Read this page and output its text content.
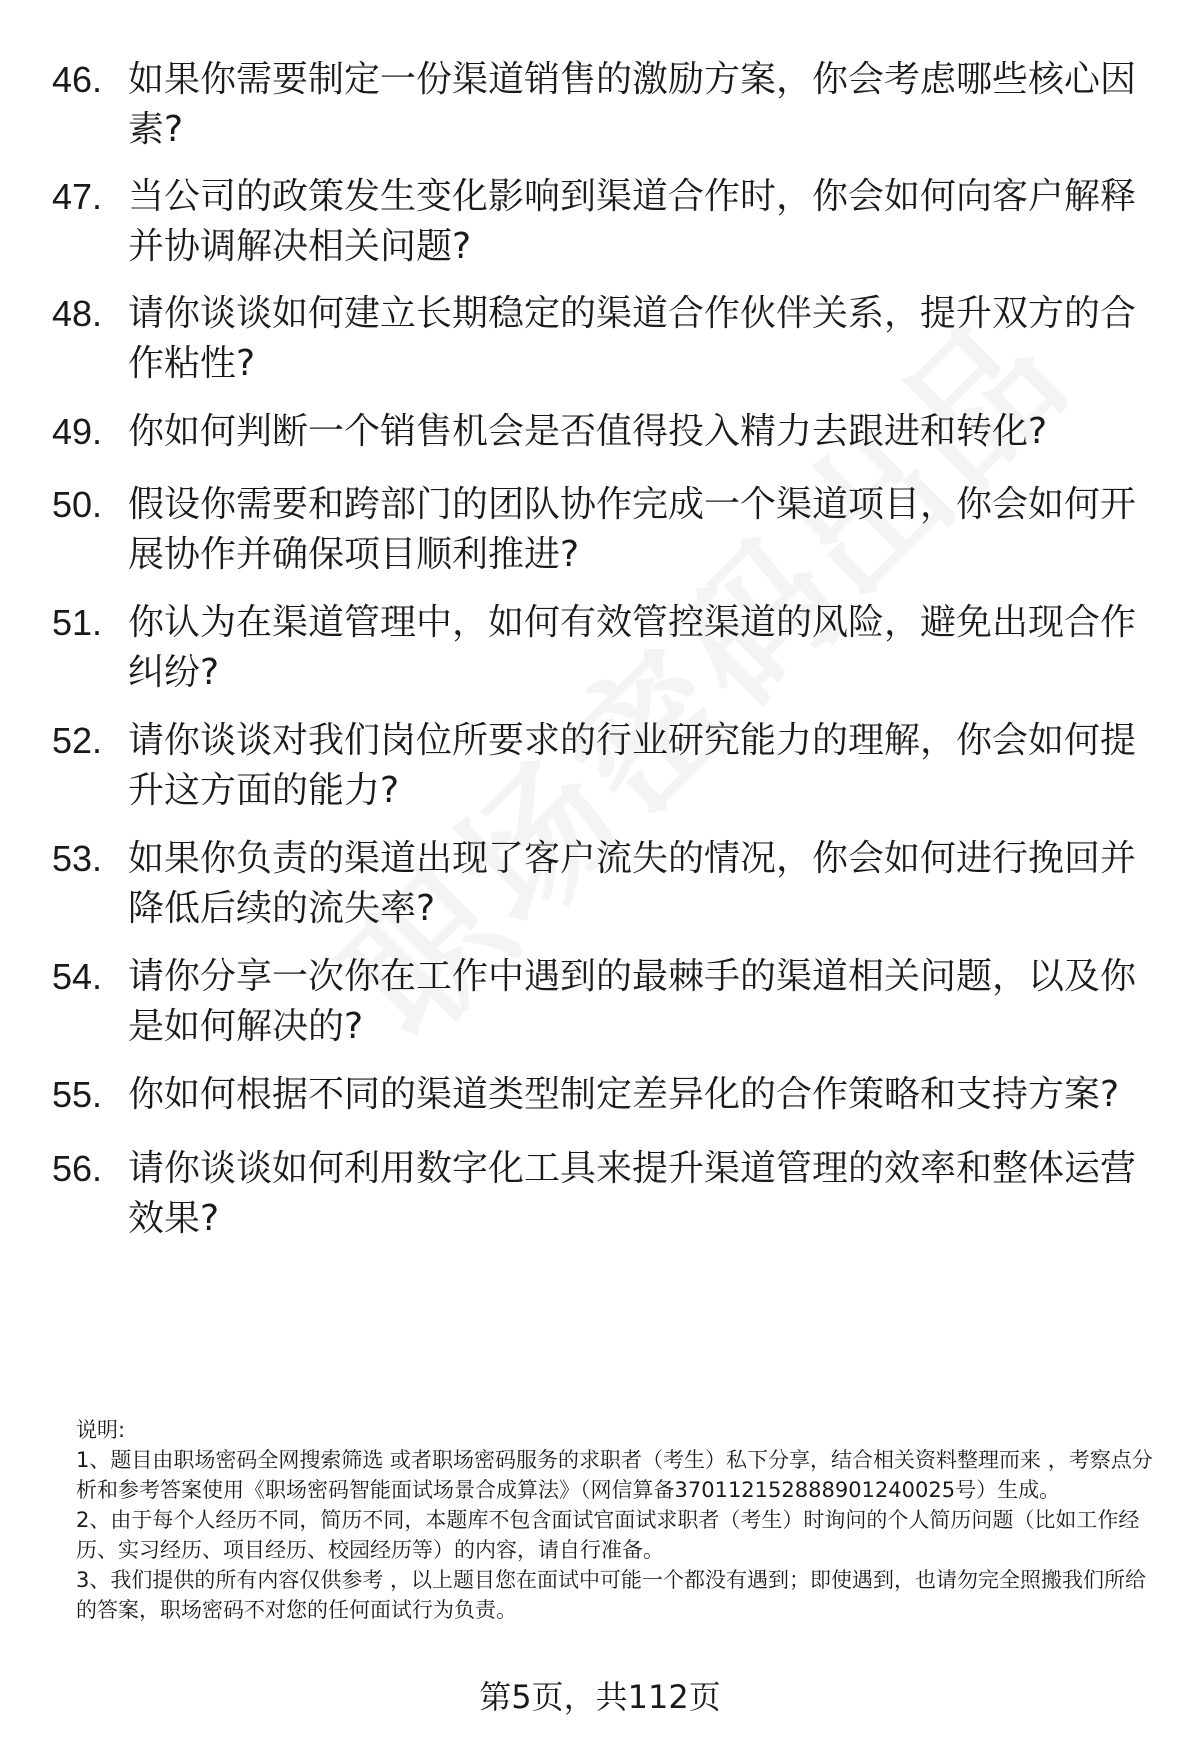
46. 如果你需要制定一份渠道销售的激励方案，你会考虑哪些核心因素?
47. 当公司的政策发生变化影响到渠道合作时，你会如何向客户解释并协调解决相关问题?
48. 请你谈谈如何建立长期稳定的渠道合作伙伴关系，提升双方的合作粘性?
49. 你如何判断一个销售机会是否值得投入精力去跟进和转化?
50. 假设你需要和跨部门的团队协作完成一个渠道项目，你会如何开展协作并确保项目顺利推进?
51. 你认为在渠道管理中，如何有效管控渠道的风险，避免出现合作纠纷?
52. 请你谈谈对我们岗位所要求的行业研究能力的理解，你会如何提升这方面的能力?
53. 如果你负责的渠道出现了客户流失的情况，你会如何进行挽回并降低后续的流失率?
54. 请你分享一次你在工作中遇到的最棘手的渠道相关问题，以及你是如何解决的?
55. 你如何根据不同的渠道类型制定差异化的合作策略和支持方案?
56. 请你谈谈如何利用数字化工具来提升渠道管理的效率和整体运营效果?

说明:

1、题目由职场密码全网搜索筛选 或者职场密码服务的求职者（考生）私下分享，结合相关资料整理而来 ，考察点分析和参考答案使用《职场密码智能面试场景合成算法》（网信算备370112152888901240025号）生成。

2、由于每个人经历不同，简历不同，本题库不包含面试官面试求职者（考生）时询问的个人简历问题（比如工作经历、实习经历、项目经历、校园经历等）的内容，请自行准备。

3、我们提供的所有内容仅供参考 ，以上题目您在面试中可能一个都没有遇到；即使遇到，也请勿完全照搬我们所给的答案，职场密码不对您的任何面试行为负责。

第5页，共112页
